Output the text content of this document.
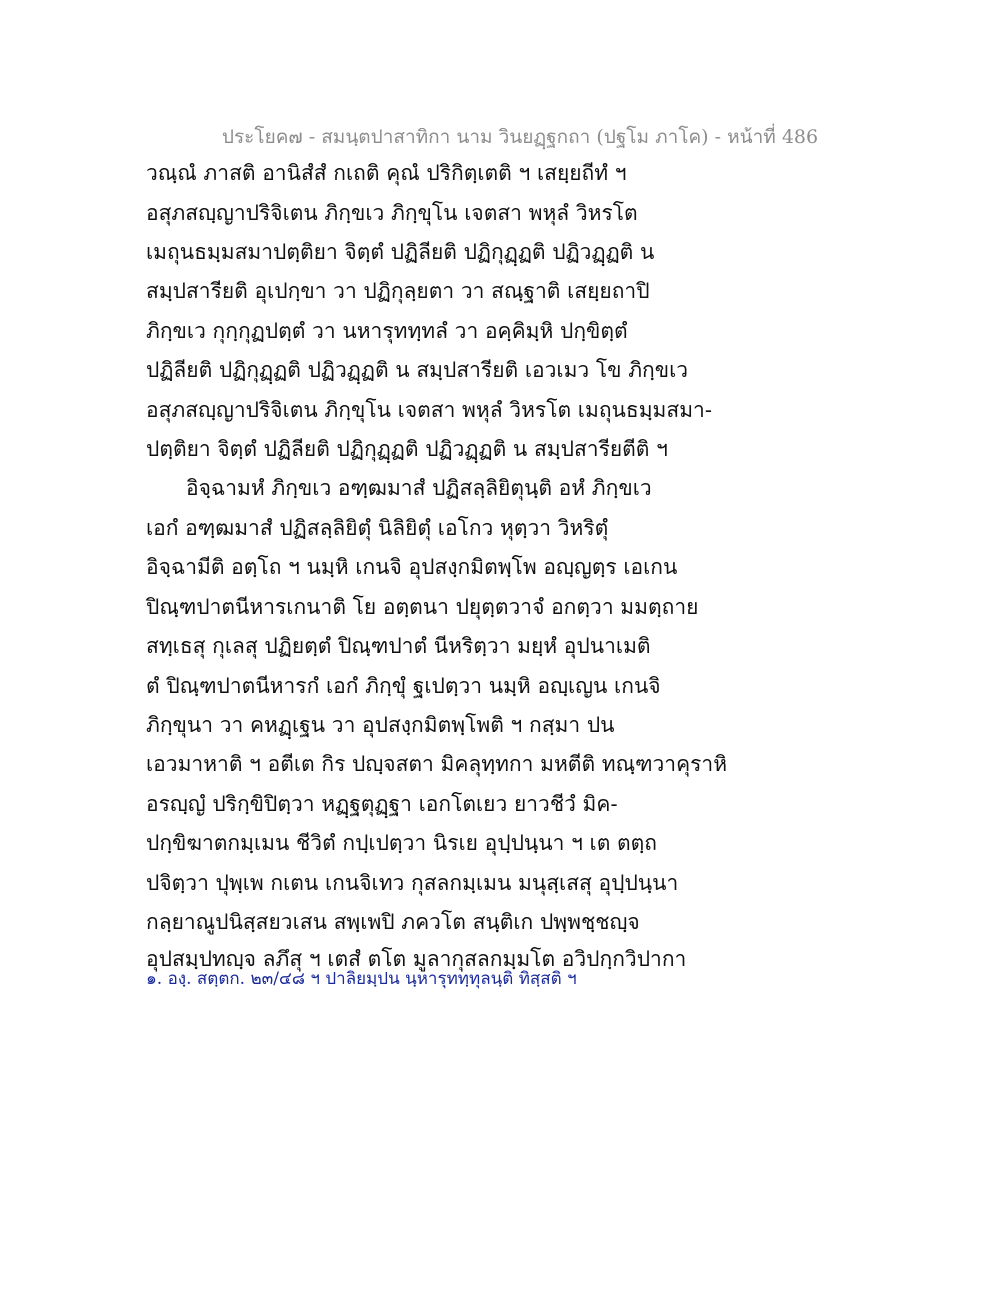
ประโยค๗ - สมนฺตปาสาทิกา นาม วินยฏฺฐกถา (ปฐโม ภาโค) - หน้าที่ 486
วณฺณํ ภาสติ อานิสํสํ กเถติ คุณํ ปริกิตฺเตติ ฯ เสยฺยถีทํ ฯ
อสุภสญฺญาปริจิเตน ภิกฺขเว ภิกฺขุโน เจตสา พหุลํ วิหรโต
เมถุนธมฺมสมาปตฺติยา จิตฺตํ ปฏิลียติ ปฏิกุฏฺฏติ ปฏิวฏฺฏติ น
สมฺปสารียติ อุเปกฺขา วา ปฏิกุลฺยตา วา สณฺฐาติ เสยฺยถาปิ
ภิกฺขเว กุกฺกุฏปตฺตํ วา นหารุททฺทลํ วา อคฺคิมฺหิ ปกฺขิตฺตํ
ปฏิลียติ ปฏิกุฏฺฏติ ปฏิวฏฺฏติ น สมฺปสารียติ เอวเมว โข ภิกฺขเว
อสุภสญฺญาปริจิเตน ภิกฺขุโน เจตสา พหุลํ วิหรโต เมถุนธมฺมสมา-
ปตฺติยา จิตฺตํ ปฏิลียติ ปฏิกุฏฺฏติ ปฏิวฏฺฏติ น สมฺปสารียตีติ ฯ
อิจฺฉามหํ ภิกฺขเว อฑฺฒมาสํ ปฏิสลฺลิยิตุนฺติ อหํ ภิกฺขเว
เอกํ อฑฺฒมาสํ ปฏิสลฺลิยิตุํ นิลิยิตุํ เอโกว หุตฺวา วิหริตุํ
อิจฺฉามีติ อตฺโถ ฯ นมฺหิ เกนจิ อุปสงฺกมิตพฺโพ อญฺญตฺร เอเกน
ปิณฺฑปาตนีหารเกนาติ โย อตฺตนา ปยุตฺตวาจํ อกตฺวา มมตฺถาย
สทฺเธสุ กุเลสุ ปฏิยตฺตํ ปิณฺฑปาตํ นีหริตฺวา มยฺหํ อุปนาเมติ
ตํ ปิณฺฑปาตนีหารกํ เอกํ ภิกฺขุํ ฐเปตฺวา นมฺหิ อญฺเญน เกนจิ
ภิกฺขุนา วา คหฏฺเฐน วา อุปสงฺกมิตพฺโพติ ฯ กสฺมา ปน
เอวมาหาติ ฯ อตีเต กิร ปญฺจสตา มิคลุทฺทกา มหตีติ ทณฺฑวาคุราหิ
อรญฺญํ ปริกฺขิปิตฺวา หฏฺฐตุฏฺฐา เอกโตเยว ยาวชีวํ มิค-
ปกฺขิฆาตกมฺเมน ชีวิตํ กปฺเปตฺวา นิรเย อุปฺปนฺนา ฯ เต ตตฺถ
ปจิตฺวา ปุพฺเพ กเตน เกนจิเทว กุสลกมฺเมน มนุสฺเสสุ อุปฺปนฺนา
กลฺยาณูปนิสฺสยวเสน สพฺเพปิ ภควโต สนฺติเก ปพฺพชฺชญฺจ
อุปสมฺปทญฺจ ลภึสุ ฯ เตสํ ตโต มูลากุสลกมฺมโต อวิปกฺกวิปากา
๑. องฺ. สตฺตก. ๒๓/๔๘ ฯ ปาลิยมฺปน นฺหารุททฺทุลนฺติ ทิสฺสติ ฯ
